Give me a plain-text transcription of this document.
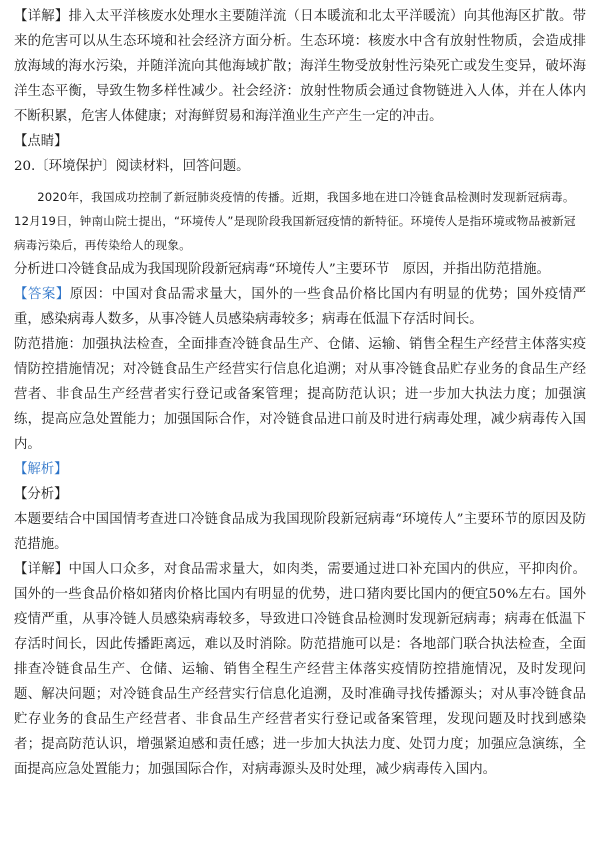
【详解】排入太平洋核废水处理水主要随洋流（日本暖流和北太平洋暖流）向其他海区扩散。带来的危害可以从生态环境和社会经济方面分析。生态环境：核废水中含有放射性物质，会造成排放海域的海水污染，并随洋流向其他海域扩散；海洋生物受放射性污染死亡或发生变异，破坏海洋生态平衡，导致生物多样性减少。社会经济：放射性物质会通过食物链进入人体，并在人体内不断积累，危害人体健康；对海鲜贸易和海洋渔业生产产生一定的冲击。

【点睛】

20.〔环境保护〕阅读材料，回答问题。

2020年，我国成功控制了新冠肺炎疫情的传播。近期，我国多地在进口冷链食品检测时发现新冠病毒。12月19日，钟南山院士提出，“环境传人”是现阶段我国新冠疫情的新特征。环境传人是指环境或物品被新冠病毒污染后，再传染给人的现象。

分析进口冷链食品成为我国现阶段新冠病毒“环境传人”主要环节　原因，并指出防范措施。

【答案】原因：中国对食品需求量大，国外的一些食品价格比国内有明显的优势；国外疫情严重，感染病毒人数多，从事冷链人员感染病毒较多；病毒在低温下存活时间长。

防范措施：加强执法检查，全面排查冷链食品生产、仓储、运输、销售全程生产经营主体落实疫情防控措施情况；对冷链食品生产经营实行信息化追溯；对从事冷链食品贮存业务的食品生产经营者、非食品生产经营者实行登记或备案管理；提高防范认识；进一步加大执法力度；加强演练，提高应急处置能力；加强国际合作，对冷链食品进口前及时进行病毒处理，减少病毒传入国内。

【解析】

【分析】

本题要结合中国国情考查进口冷链食品成为我国现阶段新冠病毒“环境传人”主要环节的原因及防范措施。

【详解】中国人口众多，对食品需求量大，如肉类，需要通过进口补充国内的供应，平抑肉价。国外的一些食品价格如猪肉价格比国内有明显的优势，进口猪肉要比国内的便宜50%左右。国外疫情严重，从事冷链人员感染病毒较多，导致进口冷链食品检测时发现新冠病毒；病毒在低温下存活时间长，因此传播距离远，难以及时消除。防范措施可以是：各地部门联合执法检查，全面排查冷链食品生产、仓储、运输、销售全程生产经营主体落实疫情防控措施情况，及时发现问题、解决问题；对冷链食品生产经营实行信息化追溯，及时准确寻找传播源头；对从事冷链食品贮存业务的食品生产经营者、非食品生产经营者实行登记或备案管理，发现问题及时找到感染者；提高防范认识，增强紧迫感和责任感；进一步加大执法力度、处罚力度；加强应急演练，全面提高应急处置能力；加强国际合作，对病毒源头及时处理，减少病毒传入国内。
